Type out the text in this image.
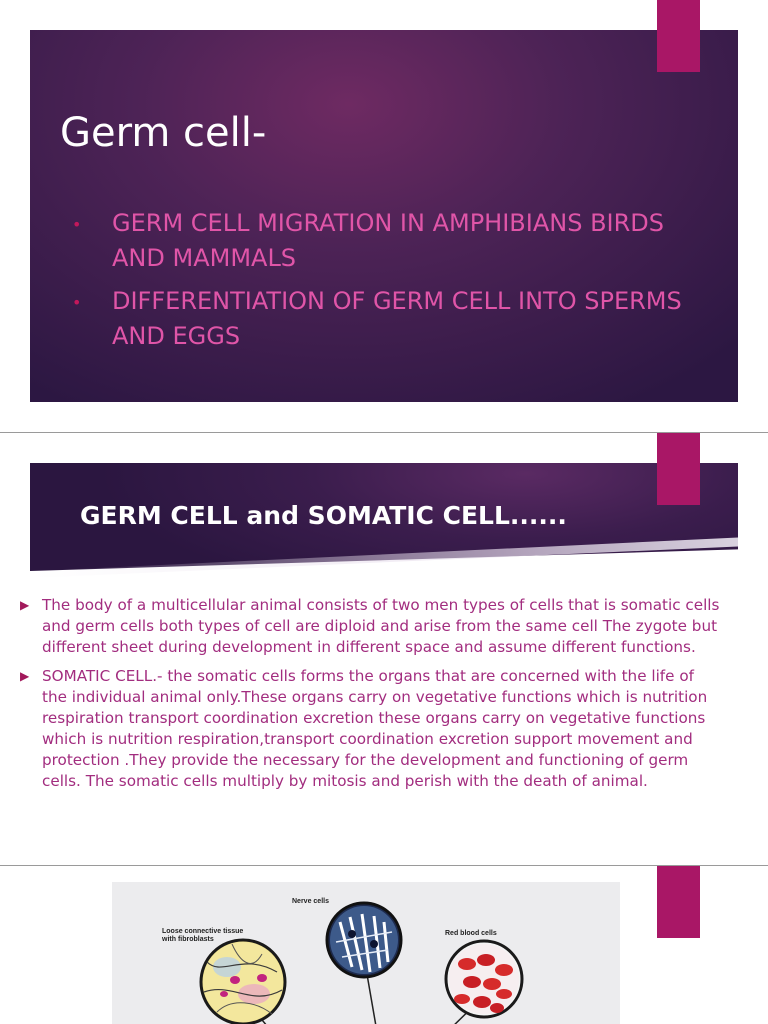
Germ cell-
• GERM CELL MIGRATION IN AMPHIBIANS BIRDS AND MAMMALS
• DIFFERENTIATION OF GERM CELL INTO SPERMS AND EGGS
GERM CELL and SOMATIC CELL......
▶ The body of a multicellular animal consists of two men types of cells that is somatic cells and germ cells both types of cell are diploid and arise from the same cell The zygote but different sheet during development in different space and assume different functions.
▶ SOMATIC CELL.- the somatic cells forms the organs that are concerned with the life of the individual animal only.These organs carry on vegetative functions which is nutrition respiration transport coordination excretion these organs carry on vegetative functions which is nutrition respiration,transport coordination excretion support movement and protection .They provide the necessary for the development and functioning of germ cells. The somatic cells multiply by mitosis and perish with the death of animal.
Nerve cells
Loose connective tissue
with fibroblasts
Red blood cells
